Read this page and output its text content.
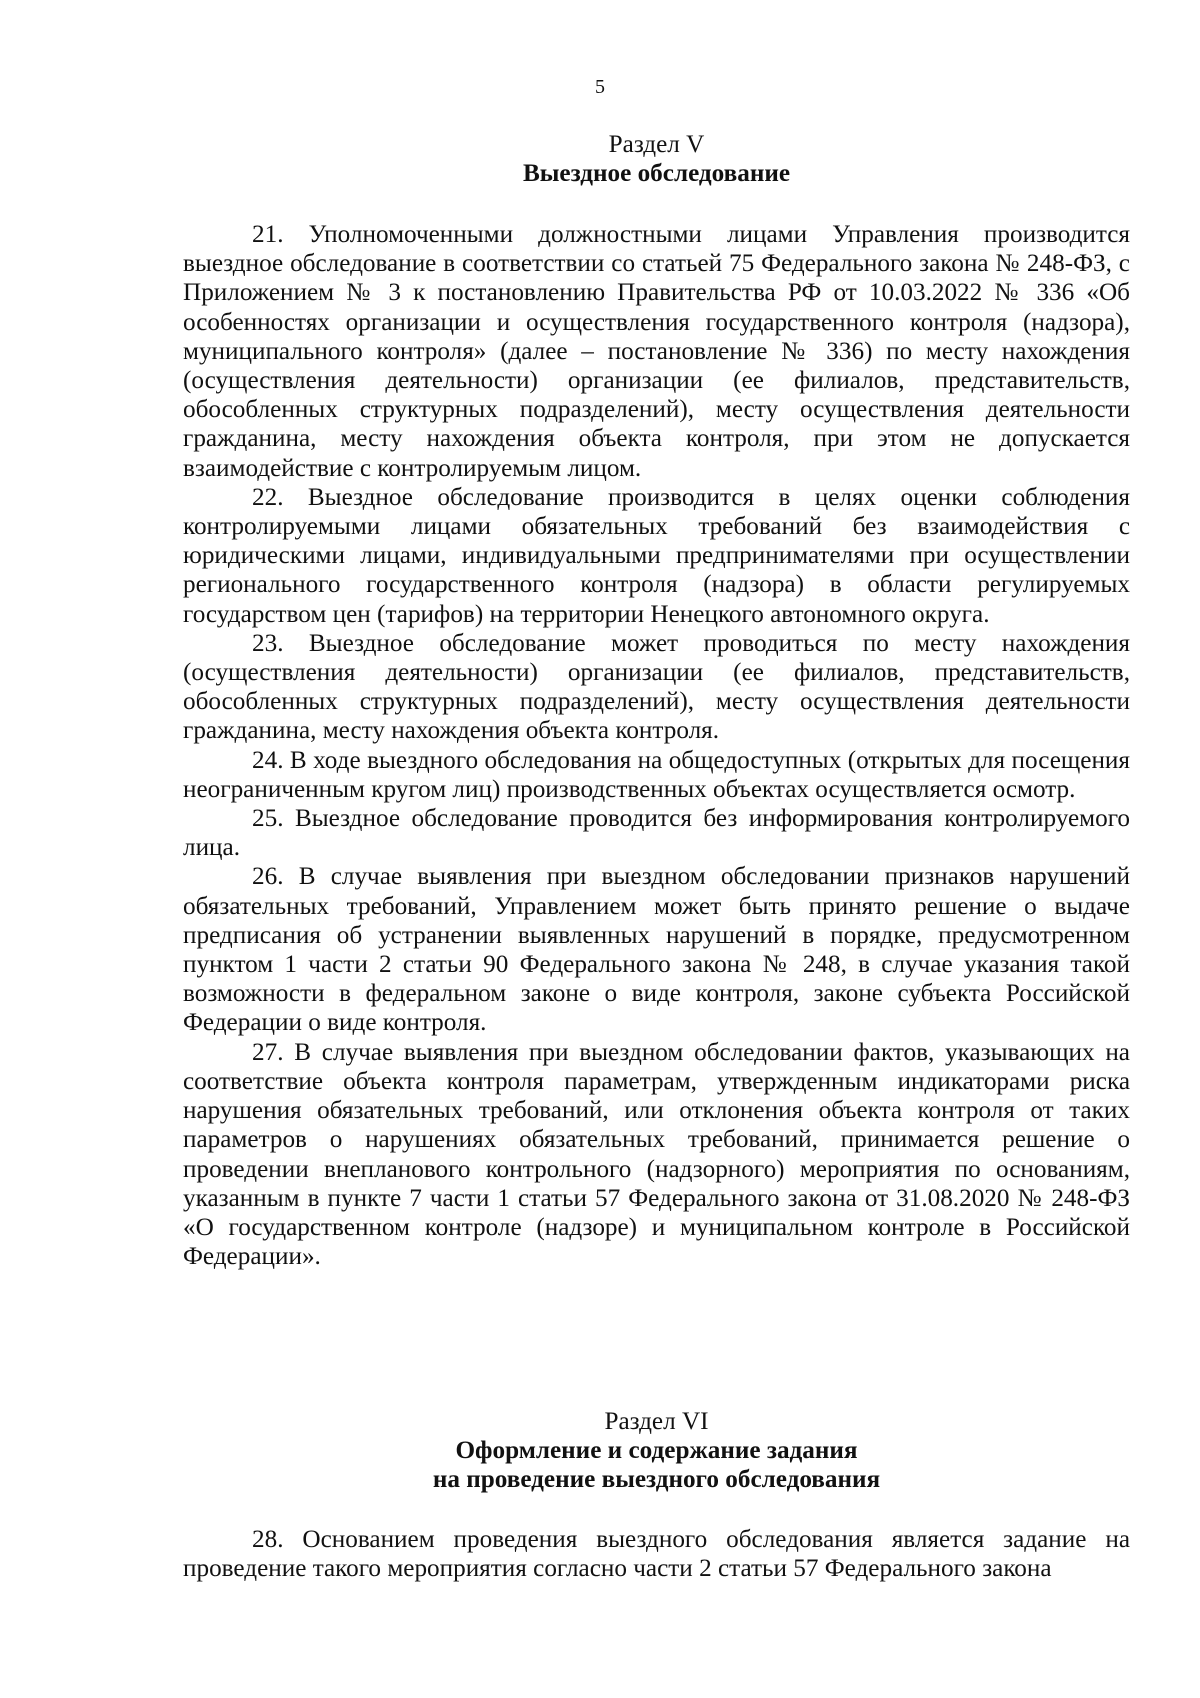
5

Раздел V
Выездное обследование

21. Уполномоченными должностными лицами Управления производится выездное обследование в соответствии со статьей 75 Федерального закона № 248-ФЗ, с Приложением № 3 к постановлению Правительства РФ от 10.03.2022 № 336 «Об особенностях организации и осуществления государственного контроля (надзора), муниципального контроля» (далее – постановление № 336) по месту нахождения (осуществления деятельности) организации (ее филиалов, представительств, обособленных структурных подразделений), месту осуществления деятельности гражданина, месту нахождения объекта контроля, при этом не допускается взаимодействие с контролируемым лицом.

22. Выездное обследование производится в целях оценки соблюдения контролируемыми лицами обязательных требований без взаимодействия с юридическими лицами, индивидуальными предпринимателями при осуществлении регионального государственного контроля (надзора) в области регулируемых государством цен (тарифов) на территории Ненецкого автономного округа.

23. Выездное обследование может проводиться по месту нахождения (осуществления деятельности) организации (ее филиалов, представительств, обособленных структурных подразделений), месту осуществления деятельности гражданина, месту нахождения объекта контроля.

24. В ходе выездного обследования на общедоступных (открытых для посещения неограниченным кругом лиц) производственных объектах осуществляется осмотр.

25. Выездное обследование проводится без информирования контролируемого лица.

26. В случае выявления при выездном обследовании признаков нарушений обязательных требований, Управлением может быть принято решение о выдаче предписания об устранении выявленных нарушений в порядке, предусмотренном пунктом 1 части 2 статьи 90 Федерального закона № 248, в случае указания такой возможности в федеральном законе о виде контроля, законе субъекта Российской Федерации о виде контроля.

27. В случае выявления при выездном обследовании фактов, указывающих на соответствие объекта контроля параметрам, утвержденным индикаторами риска нарушения обязательных требований, или отклонения объекта контроля от таких параметров о нарушениях обязательных требований, принимается решение о проведении внепланового контрольного (надзорного) мероприятия по основаниям, указанным в пункте 7 части 1 статьи 57 Федерального закона от 31.08.2020 № 248-ФЗ «О государственном контроле (надзоре) и муниципальном контроле в Российской Федерации».

Раздел VI
Оформление и содержание задания
на проведение выездного обследования

28. Основанием проведения выездного обследования является задание на проведение такого мероприятия согласно части 2 статьи 57 Федерального закона
